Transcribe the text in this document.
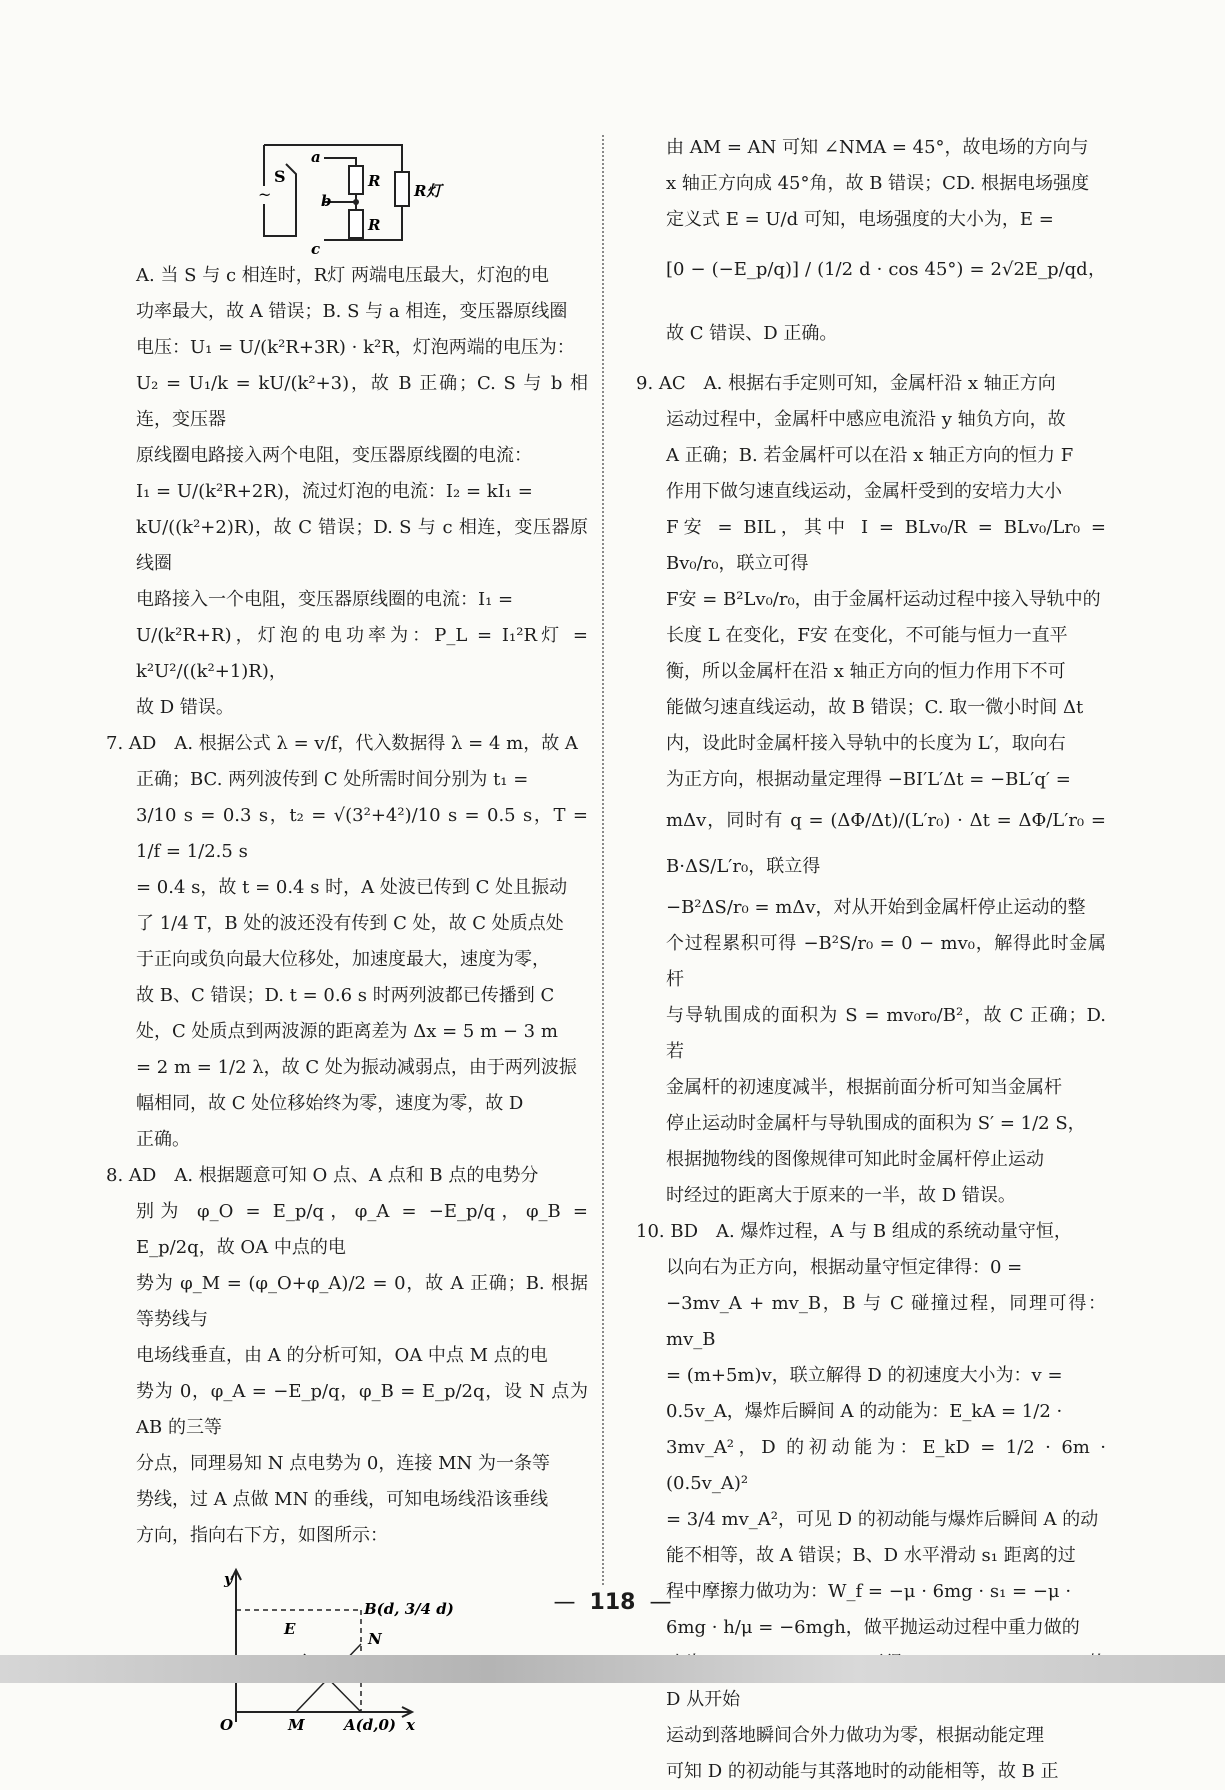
~
S
a
b
c
R
R
R灯

A. 当 S 与 c 相连时，R灯 两端电压最大，灯泡的电

功率最大，故 A 错误；B. S 与 a 相连，变压器原线圈

电压：U₁ = U/(k²R+3R) · k²R，灯泡两端的电压为：

U₂ = U₁/k = kU/(k²+3)，故 B 正确；C. S 与 b 相连，变压器

原线圈电路接入两个电阻，变压器原线圈的电流：

I₁ = U/(k²R+2R)，流过灯泡的电流：I₂ = kI₁ =

kU/((k²+2)R)，故 C 错误；D. S 与 c 相连，变压器原线圈

电路接入一个电阻，变压器原线圈的电流：I₁ =

U/(k²R+R)，灯泡的电功率为：P_L = I₁²R灯 = k²U²/((k²+1)R)，

故 D 错误。

7. AD　A. 根据公式 λ = v/f，代入数据得 λ = 4 m，故 A

正确；BC. 两列波传到 C 处所需时间分别为 t₁ =

3/10 s = 0.3 s，t₂ = √(3²+4²)/10 s = 0.5 s，T = 1/f = 1/2.5 s

= 0.4 s，故 t = 0.4 s 时，A 处波已传到 C 处且振动

了 1/4 T，B 处的波还没有传到 C 处，故 C 处质点处

于正向或负向最大位移处，加速度最大，速度为零，

故 B、C 错误；D. t = 0.6 s 时两列波都已传播到 C

处，C 处质点到两波源的距离差为 Δx = 5 m − 3 m

= 2 m = 1/2 λ，故 C 处为振动减弱点，由于两列波振

幅相同，故 C 处位移始终为零，速度为零，故 D

正确。

8. AD　A. 根据题意可知 O 点、A 点和 B 点的电势分

别为 φ_O = E_p/q，φ_A = −E_p/q，φ_B = E_p/2q，故 OA 中点的电

势为 φ_M = (φ_O+φ_A)/2 = 0，故 A 正确；B. 根据等势线与

电场线垂直，由 A 的分析可知，OA 中点 M 点的电

势为 0，φ_A = −E_p/q，φ_B = E_p/2q，设 N 点为 AB 的三等

分点，同理易知 N 点电势为 0，连接 MN 为一条等

势线，过 A 点做 MN 的垂线，可知电场线沿该垂线

方向，指向右下方，如图所示：

y
x
O	M
E
N
A(d,0)
B(d, 3/4 d)

由 AM = AN 可知 ∠NMA = 45°，故电场的方向与

x 轴正方向成 45°角，故 B 错误；CD. 根据电场强度

定义式 E = U/d 可知，电场强度的大小为，E =

[0 − (−E_p/q)] / (1/2 d · cos 45°) = 2√2E_p/qd，故 C 错误、D 正确。

9. AC　A. 根据右手定则可知，金属杆沿 x 轴正方向

运动过程中，金属杆中感应电流沿 y 轴负方向，故

A 正确；B. 若金属杆可以在沿 x 轴正方向的恒力 F

作用下做匀速直线运动，金属杆受到的安培力大小

F安 = BIL，其中 I = BLv₀/R = BLv₀/Lr₀ = Bv₀/r₀，联立可得

F安 = B²Lv₀/r₀，由于金属杆运动过程中接入导轨中的

长度 L 在变化，F安 在变化，不可能与恒力一直平

衡，所以金属杆在沿 x 轴正方向的恒力作用下不可

能做匀速直线运动，故 B 错误；C. 取一微小时间 Δt

内，设此时金属杆接入导轨中的长度为 L′，取向右

为正方向，根据动量定理得 −BI′L′Δt = −BL′q′ =

mΔv，同时有 q = (ΔΦ/Δt)/(L′r₀) · Δt = ΔΦ/L′r₀ = B·ΔS/L′r₀，联立得

−B²ΔS/r₀ = mΔv，对从开始到金属杆停止运动的整

个过程累积可得 −B²S/r₀ = 0 − mv₀，解得此时金属杆

与导轨围成的面积为 S = mv₀r₀/B²，故 C 正确；D. 若

金属杆的初速度减半，根据前面分析可知当金属杆

停止运动时金属杆与导轨围成的面积为 S′ = 1/2 S，

根据抛物线的图像规律可知此时金属杆停止运动

时经过的距离大于原来的一半，故 D 错误。

10. BD　A. 爆炸过程，A 与 B 组成的系统动量守恒，

以向右为正方向，根据动量守恒定律得：0 =

−3mv_A + mv_B，B 与 C 碰撞过程，同理可得：mv_B

= (m+5m)v，联立解得 D 的初速度大小为：v =

0.5v_A，爆炸后瞬间 A 的动能为：E_kA = 1/2 ·

3mv_A²，D 的初动能为：E_kD = 1/2 · 6m · (0.5v_A)²

= 3/4 mv_A²，可见 D 的初动能与爆炸后瞬间 A 的动

能不相等，故 A 错误；B、D 水平滑动 s₁ 距离的过

程中摩擦力做功为：W_f = −μ · 6mg · s₁ = −μ ·

6mg · h/μ = −6mgh，做平抛运动过程中重力做的

D 从开始

运动到落地瞬间合外力做功为零，根据动能定理

可知 D 的初动能与其落地时的动能相等，故 B 正

— 118 —
